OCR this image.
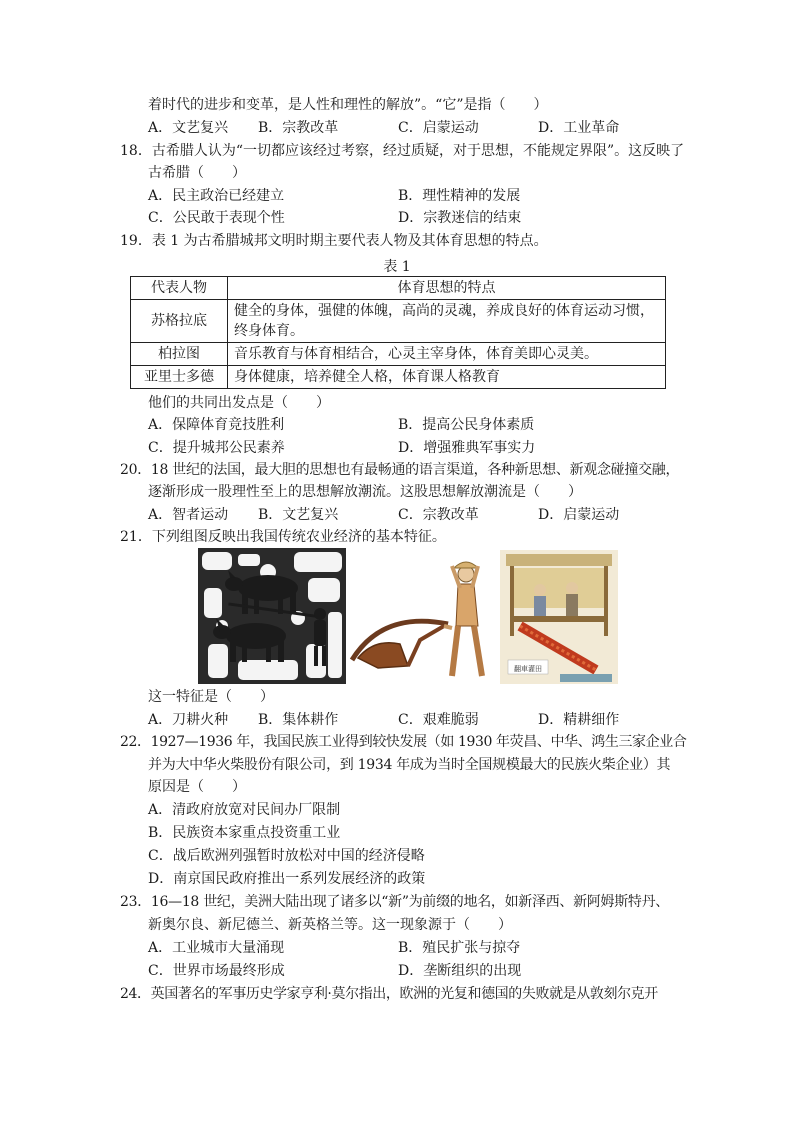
着时代的进步和变革，是人性和理性的解放”。“它”是指（　　）
A．文艺复兴 B．宗教改革	C．启蒙运动	D．工业革命
18．古希腊人认为“一切都应该经过考察，经过质疑，对于思想，不能规定界限”。这反映了
古希腊（　　）
A．民主政治已经建立	B．理性精神的发展
C．公民敢于表现个性	D．宗教迷信的结束
19．表 1 为古希腊城邦文明时期主要代表人物及其体育思想的特点。
表 1
代表人物	体育思想的特点
苏格拉底	健全的身体，强健的体魄，高尚的灵魂，养成良好的体育运动习惯，终身体育。
柏拉图	音乐教育与体育相结合，心灵主宰身体，体育美即心灵美。
亚里士多德	身体健康，培养健全人格，体育课人格教育
他们的共同出发点是（　　）
A．保障体育竞技胜利	B．提高公民身体素质
C．提升城邦公民素养	D．增强雅典军事实力
20．18 世纪的法国，最大胆的思想也有最畅通的语言渠道，各种新思想、新观念碰撞交融，
逐渐形成一股理性至上的思想解放潮流。这股思想解放潮流是（　　）
A．智者运动 B．文艺复兴	C．宗教改革	D．启蒙运动
21．下列组图反映出我国传统农业经济的基本特征。
翻車灌田
这一特征是（　　）
A．刀耕火种 B．集体耕作	C．艰难脆弱	D．精耕细作
22．1927—1936 年，我国民族工业得到较快发展（如 1930 年荧昌、中华、鸿生三家企业合
并为大中华火柴股份有限公司，到 1934 年成为当时全国规模最大的民族火柴企业）其
原因是（　　）
A．清政府放宽对民间办厂限制
B．民族资本家重点投资重工业
C．战后欧洲列强暂时放松对中国的经济侵略
D．南京国民政府推出一系列发展经济的政策
23．16—18 世纪，美洲大陆出现了诸多以“新”为前缀的地名，如新泽西、新阿姆斯特丹、
新奥尔良、新尼德兰、新英格兰等。这一现象源于（　　）
A．工业城市大量涌现	B．殖民扩张与掠夺
C．世界市场最终形成	D．垄断组织的出现
24．英国著名的军事历史学家亨利·莫尔指出，欧洲的光复和德国的失败就是从敦刻尔克开
